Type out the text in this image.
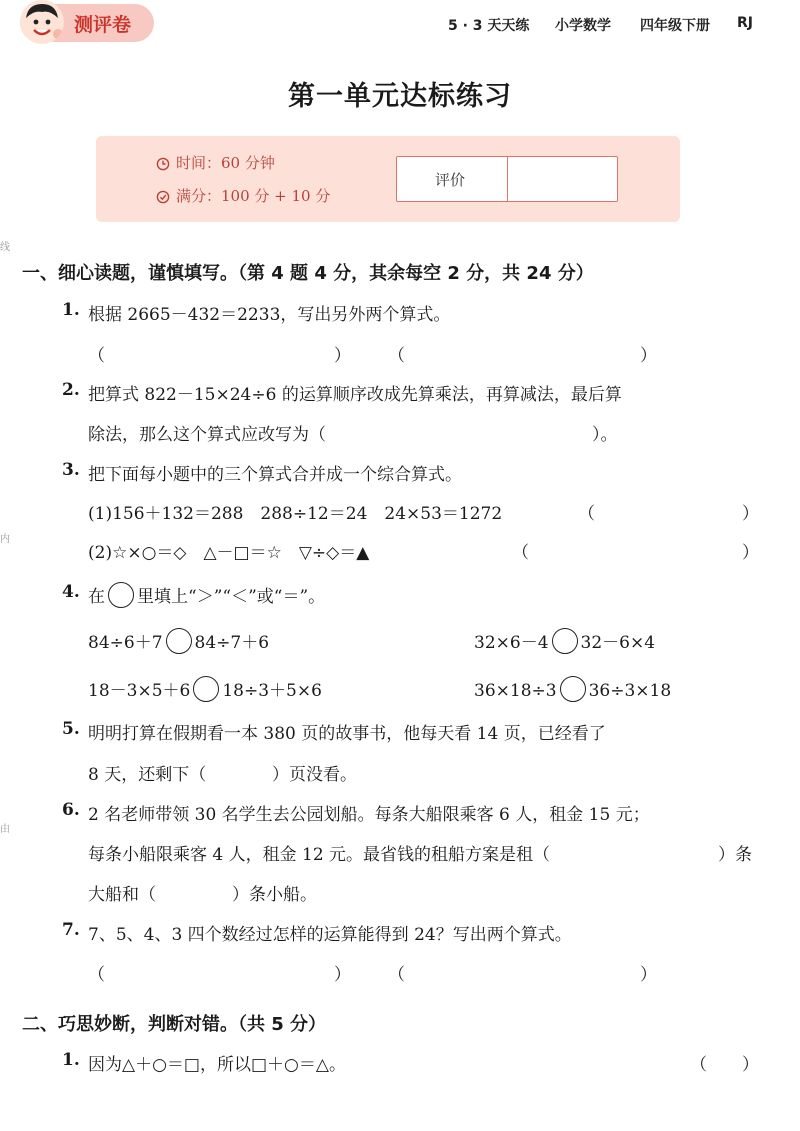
测评卷	5 · 3 天天练 小学数学 四年级下册 RJ
第一单元达标练习
时间：60 分钟
满分：100 分 + 10 分
评价
线
内
由
一、细心读题，谨慎填写。（第 4 题 4 分，其余每空 2 分，共 24 分）
1. 根据 2665－432＝2233，写出另外两个算式。
（	） （	）
2. 把算式 822－15×24÷6 的运算顺序改成先算乘法，再算减法，最后算
除法，那么这个算式应改写为（	）。
3. 把下面每小题中的三个算式合并成一个综合算式。
(1)156＋132＝288　288÷12＝24　24×53＝1272	（	）
(2)☆×○＝◇　△－□＝☆　▽÷◇＝▲	（	）
4. 在 里填上“＞”“＜”或“＝”。
84÷6＋7 84÷7＋6	32×6－4 32－6×4
18－3×5＋6 18÷3＋5×6	36×18÷3 36÷3×18
5. 明明打算在假期看一本 380 页的故事书，他每天看 14 页，已经看了
8 天，还剩下（	）页没看。
6. 2 名老师带领 30 名学生去公园划船。每条大船限乘客 6 人，租金 15 元；
每条小船限乘客 4 人，租金 12 元。最省钱的租船方案是租（	）条
大船和（	）条小船。
7. 7、5、4、3 四个数经过怎样的运算能得到 24？写出两个算式。
（	） （	）
二、巧思妙断，判断对错。（共 5 分）
1. 因为△＋○＝□，所以□＋○＝△。	（ ）
